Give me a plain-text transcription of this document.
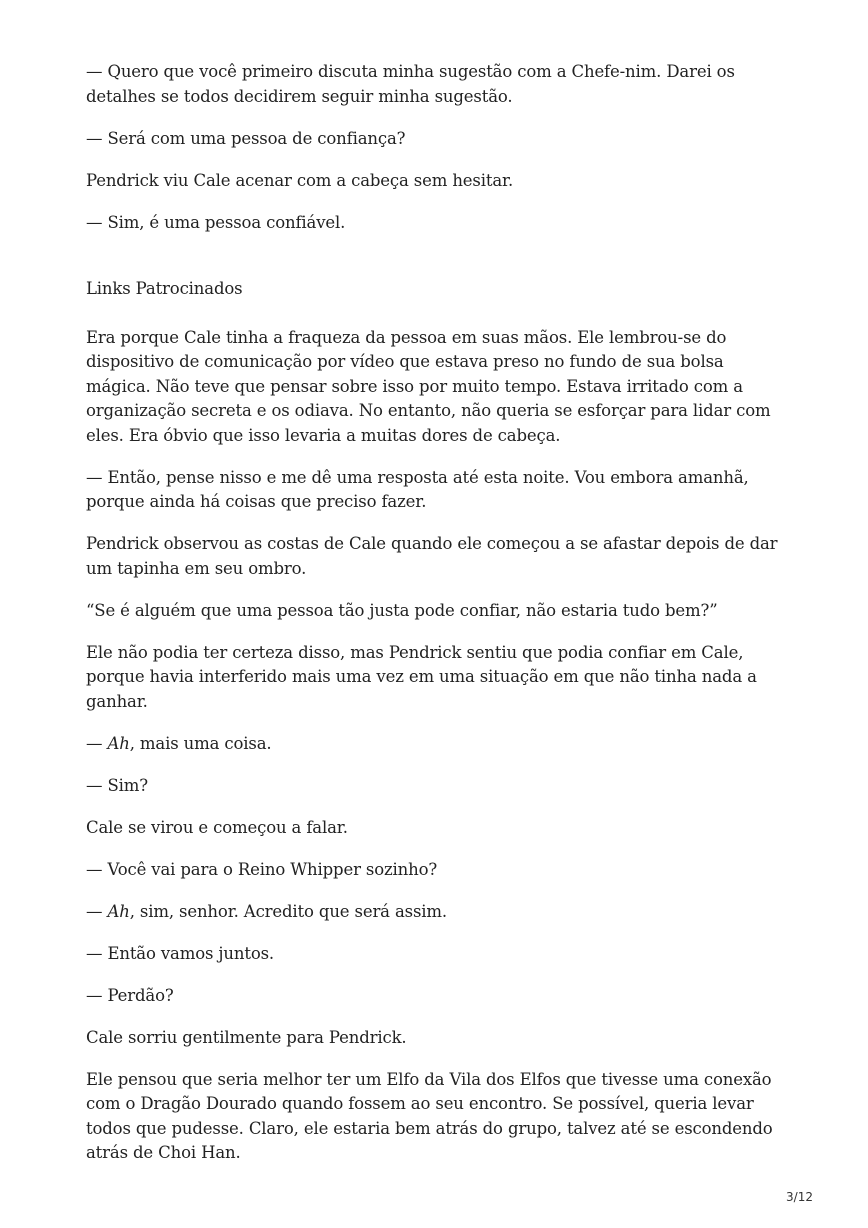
— Quero que você primeiro discuta minha sugestão com a Chefe-nim. Darei os detalhes se todos decidirem seguir minha sugestão.

— Será com uma pessoa de confiança?

Pendrick viu Cale acenar com a cabeça sem hesitar.

— Sim, é uma pessoa confiável.

Links Patrocinados

Era porque Cale tinha a fraqueza da pessoa em suas mãos. Ele lembrou-se do dispositivo de comunicação por vídeo que estava preso no fundo de sua bolsa mágica. Não teve que pensar sobre isso por muito tempo. Estava irritado com a organização secreta e os odiava. No entanto, não queria se esforçar para lidar com eles. Era óbvio que isso levaria a muitas dores de cabeça.

— Então, pense nisso e me dê uma resposta até esta noite. Vou embora amanhã, porque ainda há coisas que preciso fazer.

Pendrick observou as costas de Cale quando ele começou a se afastar depois de dar um tapinha em seu ombro.

“Se é alguém que uma pessoa tão justa pode confiar, não estaria tudo bem?”

Ele não podia ter certeza disso, mas Pendrick sentiu que podia confiar em Cale, porque havia interferido mais uma vez em uma situação em que não tinha nada a ganhar.

— Ah, mais uma coisa.

— Sim?

Cale se virou e começou a falar.

— Você vai para o Reino Whipper sozinho?

— Ah, sim, senhor. Acredito que será assim.

— Então vamos juntos.

— Perdão?

Cale sorriu gentilmente para Pendrick.

Ele pensou que seria melhor ter um Elfo da Vila dos Elfos que tivesse uma conexão com o Dragão Dourado quando fossem ao seu encontro. Se possível, queria levar todos que pudesse. Claro, ele estaria bem atrás do grupo, talvez até se escondendo atrás de Choi Han.

3/12
